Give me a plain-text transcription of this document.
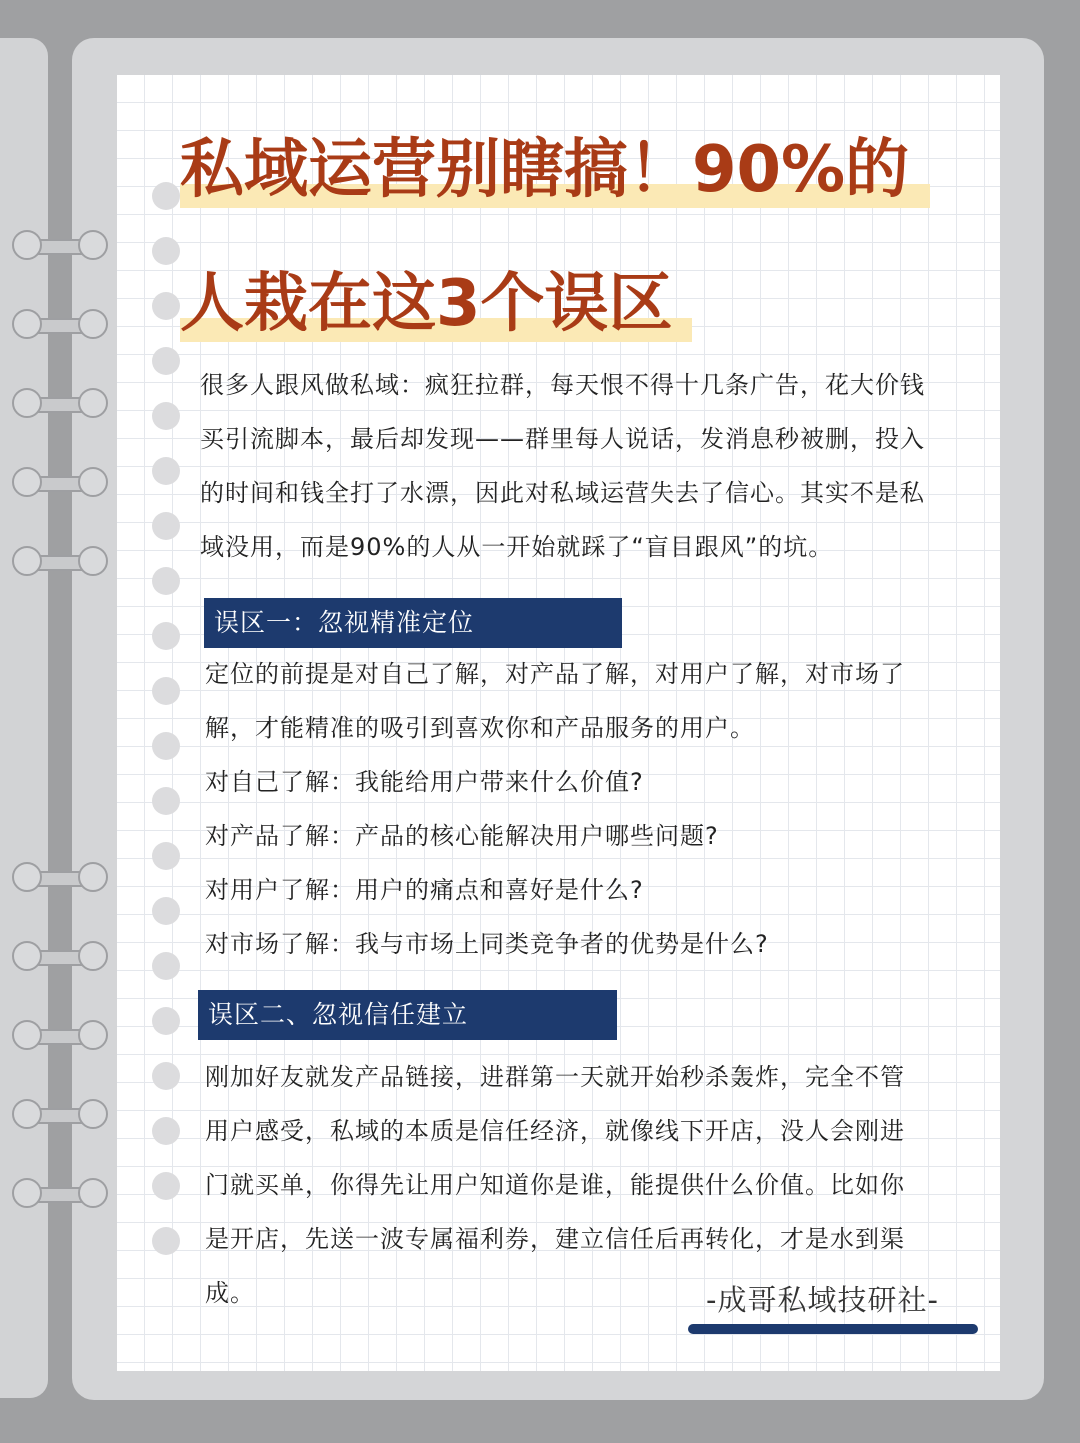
私域运营别瞎搞！90%的
人栽在这3个误区

很多人跟风做私域：疯狂拉群，每天恨不得十几条广告，花大价钱
买引流脚本，最后却发现——群里每人说话，发消息秒被删，投入
的时间和钱全打了水漂，因此对私域运营失去了信心。其实不是私
域没用，而是90%的人从一开始就踩了“盲目跟风”的坑。

误区一：忽视精准定位

定位的前提是对自己了解，对产品了解，对用户了解，对市场了
解，才能精准的吸引到喜欢你和产品服务的用户。
对自己了解：我能给用户带来什么价值?
对产品了解：产品的核心能解决用户哪些问题?
对用户了解：用户的痛点和喜好是什么?
对市场了解：我与市场上同类竞争者的优势是什么?

误区二、忽视信任建立

刚加好友就发产品链接，进群第一天就开始秒杀轰炸，完全不管
用户感受，私域的本质是信任经济，就像线下开店，没人会刚进
门就买单，你得先让用户知道你是谁，能提供什么价值。比如你
是开店，先送一波专属福利券，建立信任后再转化，才是水到渠
成。	-成哥私域技研社-
